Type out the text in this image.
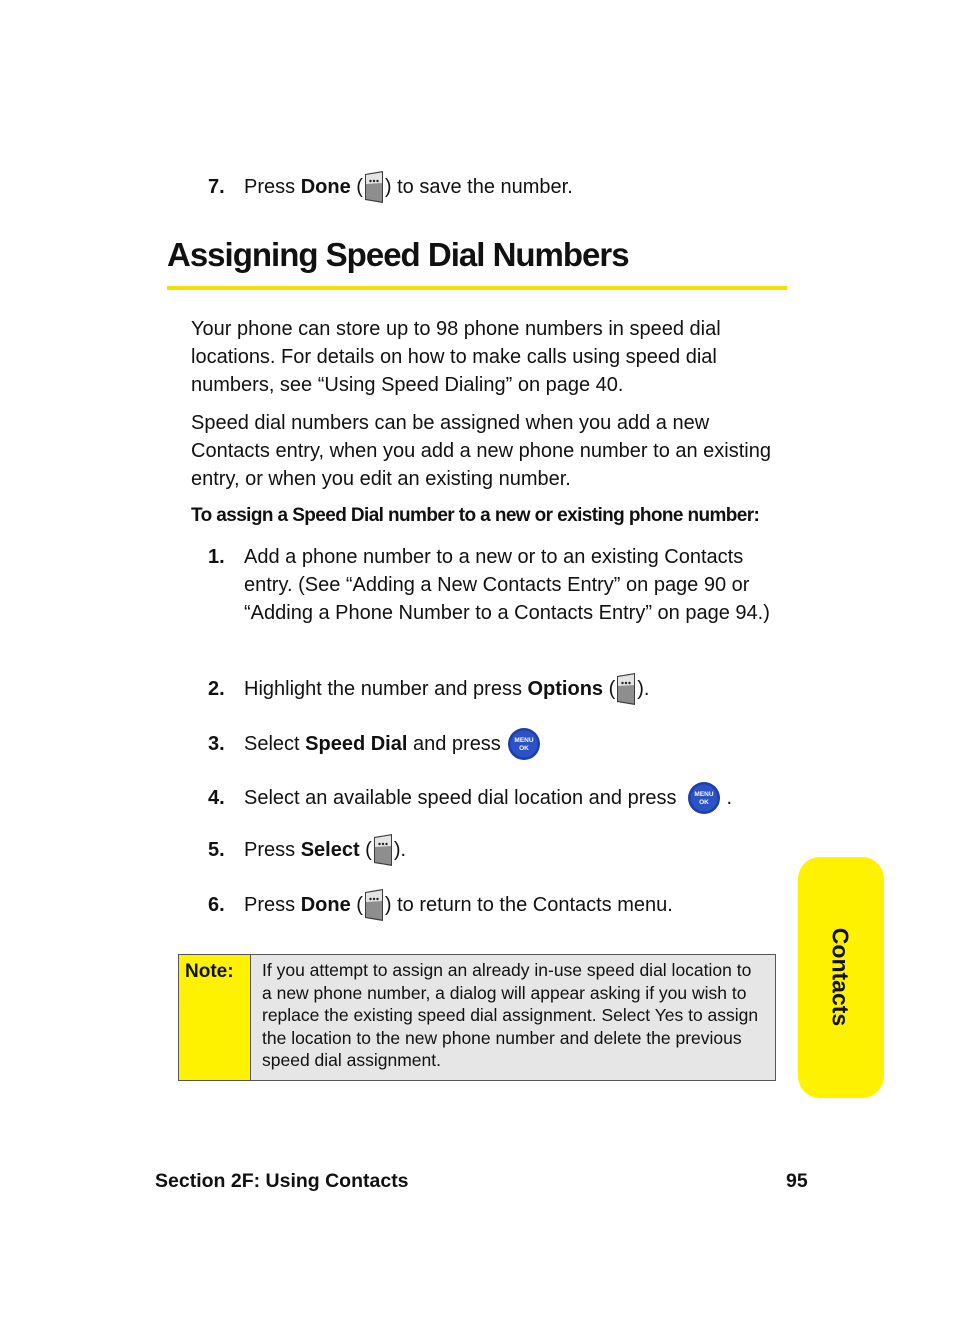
7. Press Done ( ) to save the number.
Assigning Speed Dial Numbers
Your phone can store up to 98 phone numbers in speed dial locations. For details on how to make calls using speed dial numbers, see “Using Speed Dialing” on page 40.
Speed dial numbers can be assigned when you add a new Contacts entry, when you add a new phone number to an existing entry, or when you edit an existing number.
To assign a Speed Dial number to a new or existing phone number:
1. Add a phone number to a new or to an existing Contacts entry. (See “Adding a New Contacts Entry” on page 90 or “Adding a Phone Number to a Contacts Entry” on page 94.)
2. Highlight the number and press Options ( ).
3. Select Speed Dial and press MENU
OK
4. Select an available speed dial location and press	MENU
OK .
5. Press Select ( ).
6. Press Done ( ) to return to the Contacts menu.
Note:	If you attempt to assign an already in-use speed dial location to a new phone number, a dialog will appear asking if you wish to replace the existing speed dial assignment. Select Yes to assign the location to the new phone number and delete the previous speed dial assignment.
Contacts
Section 2F: Using Contacts	95
